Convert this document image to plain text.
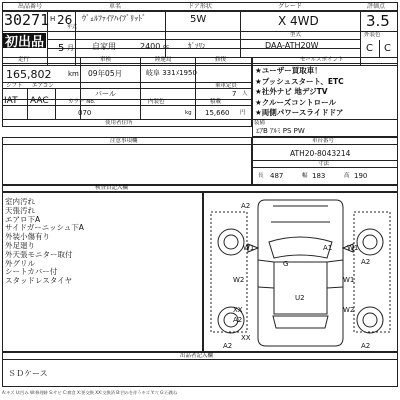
出品番号	車名	ドア形状	グレード	評価点
30271
初出品
H 26
年式
ｳﾞｪﾙﾌｧｲｱﾊｲﾌﾞﾘｯﾄﾞ	5W	X 4WD	3.5
5 月 自家用	2400 cc	ｶﾞｿﾘﾝ
型式
DAA-ATH20W
外装色
C C
走行	車検	陸運局	修復
165,802 km 09年05月	岐阜 331ﾒ1950
乗車定員
7 人
シフト エアコン
パール
IAT AAC	カラー No.	内装色	積載
070	kg 15,660 円
使用者住所
セールスポイント
★ユーザー買取車！
★プッシュスタート、ETC
★社外ナビ 地デジTV
★クルーズコントロール
★両側パワースライドドア
装備
ｴｱB ｱﾙﾐ PS PW
注意事項欄	車台番号
ATH20-8043214
寸法
長 487	幅 183	高 190
検査員記入欄
室内汚れ
天張汚れ
エアロ下A
サイドガーニッシュ下A
外装小傷有り
外足廻り
外天張モニター取付
外グリル
シートカバー付
スタッドレスタイヤ
A2
W1	W1
A1
G	A2
W2	W1
U2
XX	W2
A2
XX
A2	A2
出品者記入欄
ＳＤケース
A:キズ U:凹み W:修理跡 S:サビ C:腐食 X:要交換 XX:交換済 B:凹みを伴うキズ Y:穴 G:石跳ね
